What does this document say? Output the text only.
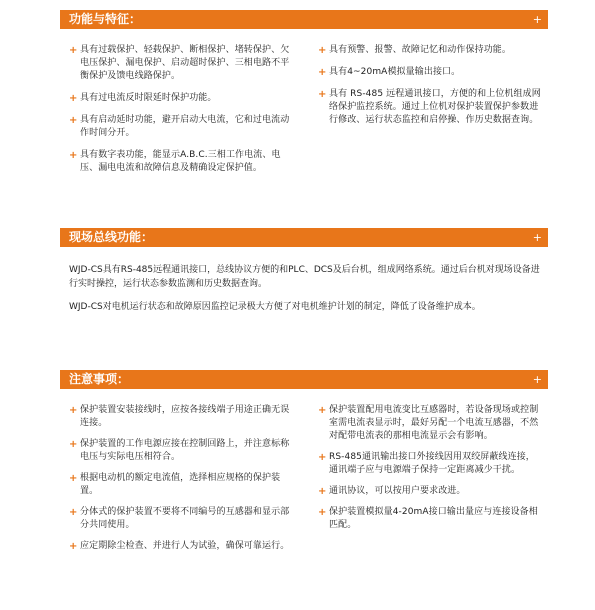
功能与特征：	+
+ 具有过载保护、轻载保护、断相保护、堵转保护、欠电压保护、漏电保护、启动超时保护、三相电路不平衡保护及馈电线路保护。
+ 具有过电流反时限延时保护功能。
+ 具有启动延时功能，避开启动大电流，它和过电流动作时间分开。
+ 具有数字表功能，能显示A.B.C.三相工作电流、电压、漏电电流和故障信息及精确设定保护值。
+ 具有预警、报警、故障记忆和动作保持功能。
+ 具有4~20mA模拟量输出接口。
+ 具有 RS-485 远程通讯接口，方便的和上位机组成网络保护监控系统。通过上位机对保护装置保护参数进行修改、运行状态监控和启停操、作历史数据查询。
现场总线功能：	+

WJD-CS具有RS-485远程通讯接口，总线协议方便的和PLC、DCS及后台机，组成网络系统。通过后台机对现场设备进行实时操控，运行状态参数监测和历史数据查询。

WJD-CS对电机运行状态和故障原因监控记录极大方便了对电机维护计划的制定，降低了设备维护成本。

注意事项：	+
+ 保护装置安装接线时，应按各接线端子用途正确无误连接。
+ 保护装置的工作电源应接在控制回路上，并注意标称电压与实际电压相符合。
+ 根据电动机的额定电流值，选择相应规格的保护装置。
+ 分体式的保护装置不要将不同编号的互感器和显示部分共同使用。
+ 应定期除尘检查、并进行人为试验，确保可靠运行。
+ 保护装置配用电流变比互感器时，若设备现场或控制室需电流表显示时，最好另配一个电流互感器，不然对配带电流表的那相电流显示会有影响。
+ RS-485通讯输出接口外接线因用双绞屏蔽线连接，通讯端子应与电源端子保持一定距离减少干扰。
+ 通讯协议，可以按用户要求改进。
+ 保护装置模拟量4-20mA接口输出量应与连接设备相匹配。
